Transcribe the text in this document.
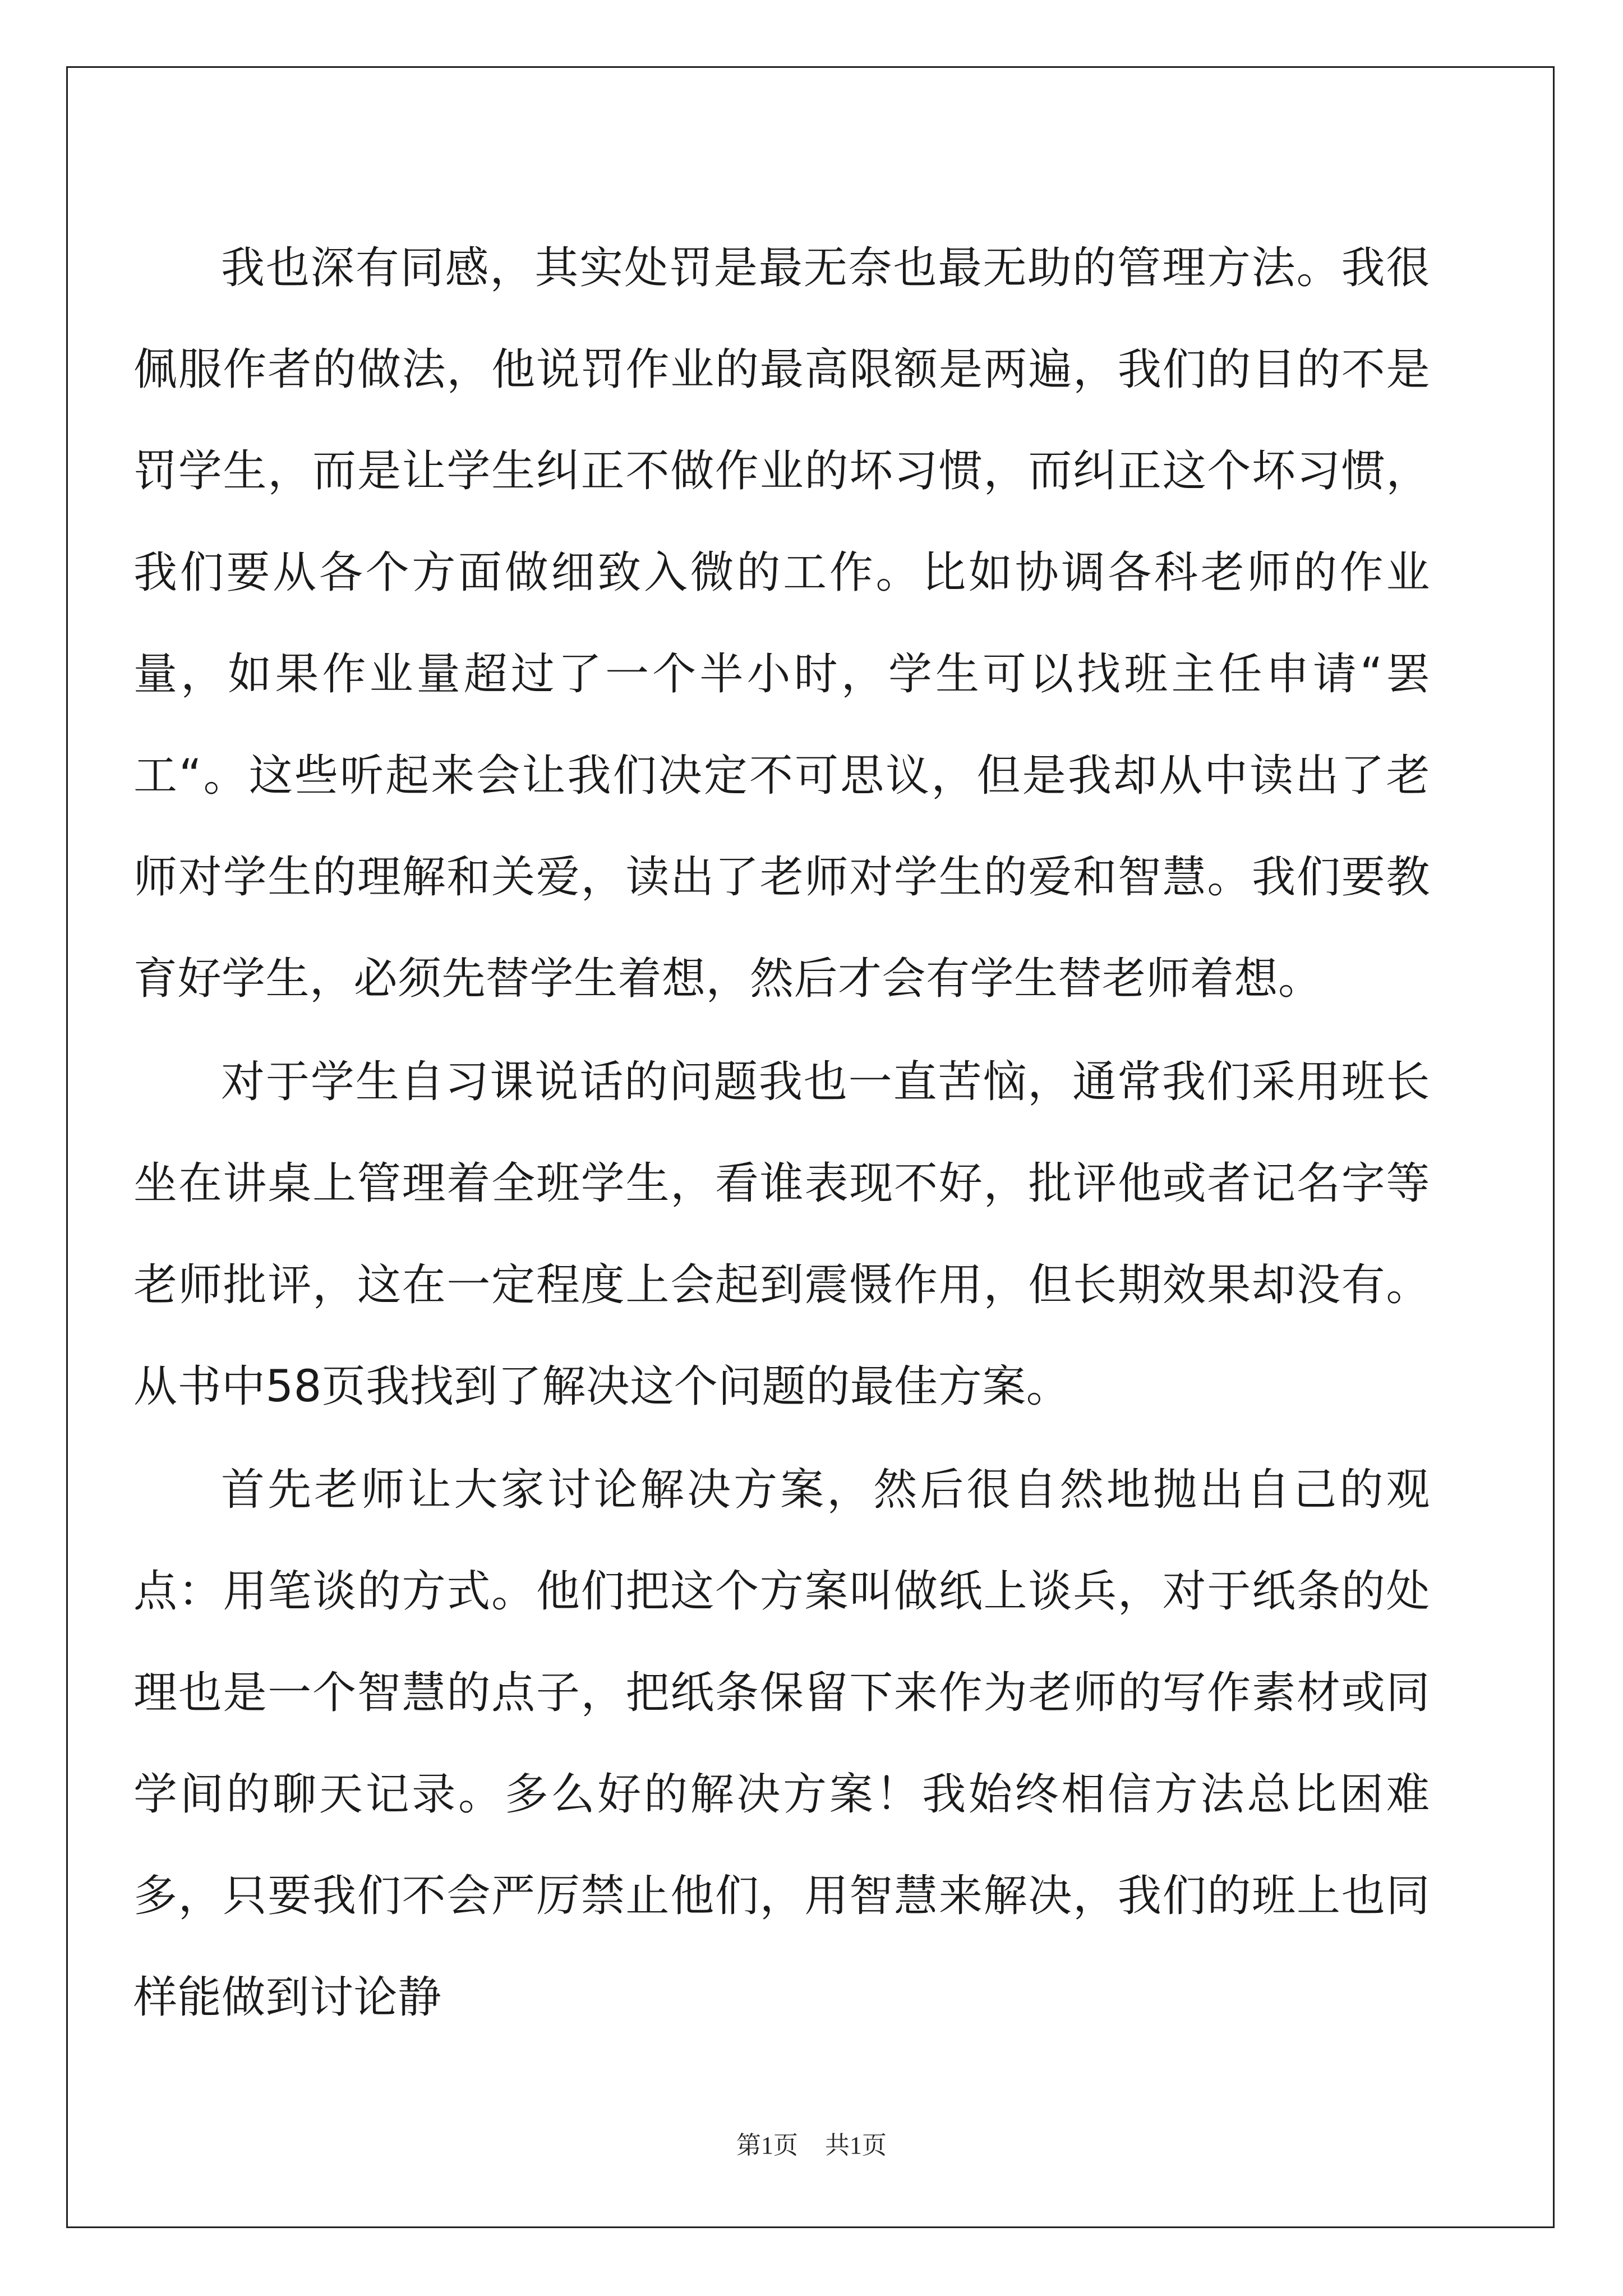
我也深有同感，其实处罚是最无奈也最无助的管理方法。我很佩服作者的做法，他说罚作业的最高限额是两遍，我们的目的不是罚学生，而是让学生纠正不做作业的坏习惯，而纠正这个坏习惯，我们要从各个方面做细致入微的工作。比如协调各科老师的作业量，如果作业量超过了一个半小时，学生可以找班主任申请“罢工“。这些听起来会让我们决定不可思议，但是我却从中读出了老师对学生的理解和关爱，读出了老师对学生的爱和智慧。我们要教育好学生，必须先替学生着想，然后才会有学生替老师着想。

对于学生自习课说话的问题我也一直苦恼，通常我们采用班长坐在讲桌上管理着全班学生，看谁表现不好，批评他或者记名字等老师批评，这在一定程度上会起到震慑作用，但长期效果却没有。从书中58页我找到了解决这个问题的最佳方案。

首先老师让大家讨论解决方案，然后很自然地抛出自己的观点：用笔谈的方式。他们把这个方案叫做纸上谈兵，对于纸条的处理也是一个智慧的点子，把纸条保留下来作为老师的写作素材或同学间的聊天记录。多么好的解决方案！我始终相信方法总比困难多，只要我们不会严厉禁止他们，用智慧来解决，我们的班上也同样能做到讨论静

第1页 共1页
